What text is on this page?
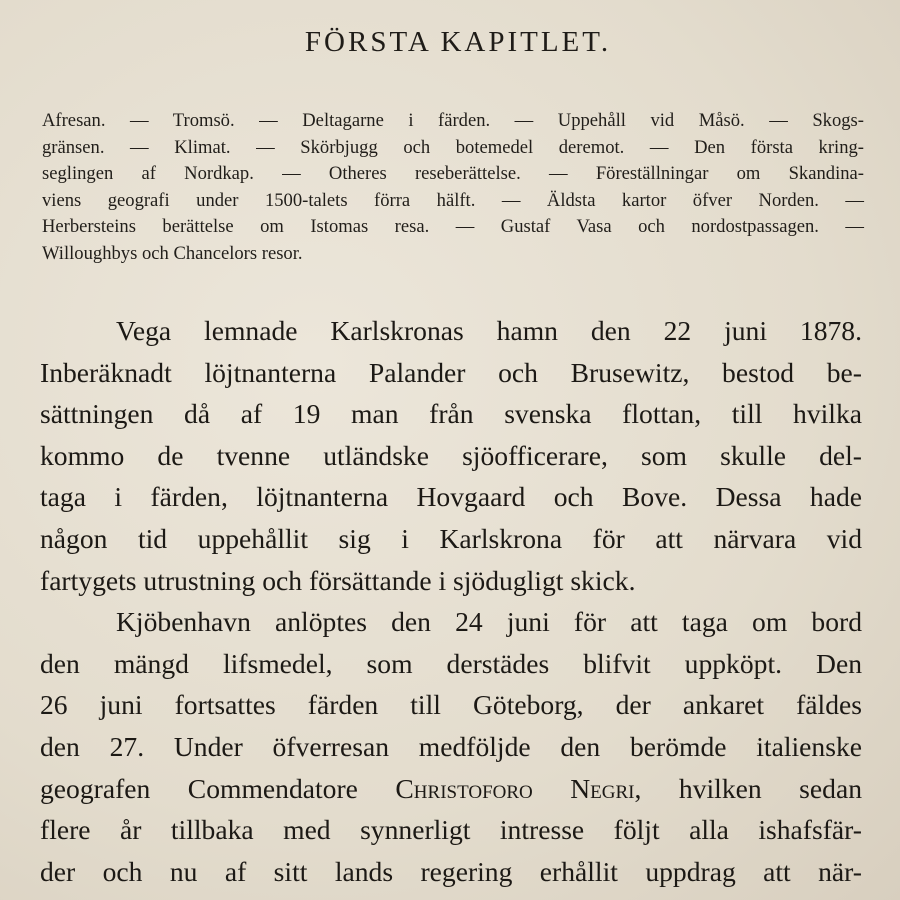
FÖRSTA KAPITLET.
Afresan. — Tromsö. — Deltagarne i färden. — Uppehåll vid Måsö. — Skogs-
gränsen. — Klimat. — Skörbjugg och botemedel deremot. — Den första kring-
seglingen af Nordkap. — Otheres reseberättelse. — Föreställningar om Skandina-
viens geografi under 1500-talets förra hälft. — Äldsta kartor öfver Norden. —
Herbersteins berättelse om Istomas resa. — Gustaf Vasa och nordostpassagen. —
Willoughbys och Chancelors resor.
Vega lemnade Karlskronas hamn den 22 juni 1878.
Inberäknadt löjtnanterna Palander och Brusewitz, bestod be-
sättningen då af 19 man från svenska flottan, till hvilka
kommo de tvenne utländske sjöofficerare, som skulle del-
taga i färden, löjtnanterna Hovgaard och Bove. Dessa hade
någon tid uppehållit sig i Karlskrona för att närvara vid
fartygets utrustning och försättande i sjödugligt skick.
Kjöbenhavn anlöptes den 24 juni för att taga om bord
den mängd lifsmedel, som derstädes blifvit uppköpt. Den
26 juni fortsattes färden till Göteborg, der ankaret fäldes
den 27. Under öfverresan medföljde den berömde italienske
geografen Commendatore Christoforo Negri, hvilken sedan
flere år tillbaka med synnerligt intresse följt alla ishafsfär-
der och nu af sitt lands regering erhållit uppdrag att när-
